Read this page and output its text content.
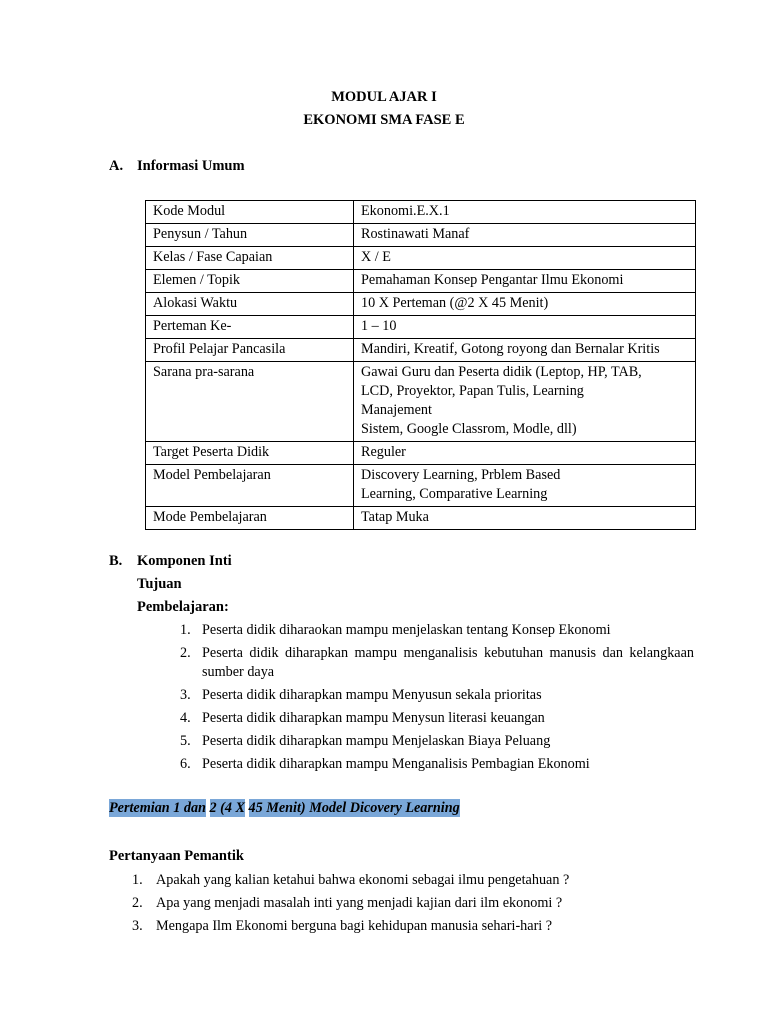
MODUL AJAR I
EKONOMI SMA FASE E
A. Informasi Umum
Kode Modul	Ekonomi.E.X.1

Penysun / Tahun	Rostinawati Manaf

Kelas / Fase Capaian	X / E

Elemen / Topik	Pemahaman Konsep Pengantar Ilmu Ekonomi

Alokasi Waktu	10 X Perteman (@2 X 45 Menit)

Perteman Ke-	1 – 10

Profil Pelajar Pancasila	Mandiri, Kreatif, Gotong royong dan Bernalar Kritis

Sarana pra-sarana	Gawai Guru dan Peserta didik (Leptop, HP, TAB,
LCD, Proyektor, Papan Tulis, Learning
Manajement
Sistem, Google Classrom, Modle, dll)

Target Peserta Didik	Reguler

Model Pembelajaran	Discovery Learning, Prblem Based
Learning, Comparative Learning

Mode Pembelajaran	Tatap Muka
B. Komponen Inti
Tujuan
Pembelajaran:
1. Peserta didik diharaokan mampu menjelaskan tentang Konsep Ekonomi
2. Peserta didik diharapkan mampu menganalisis kebutuhan manusis dan kelangkaan sumber daya
3. Peserta didik diharapkan mampu Menyusun sekala prioritas
4. Peserta didik diharapkan mampu Menysun literasi keuangan
5. Peserta didik diharapkan mampu Menjelaskan Biaya Peluang
6. Peserta didik diharapkan mampu Menganalisis Pembagian Ekonomi
Pertemian 1 dan 2 (4 X 45 Menit) Model Dicovery Learning
Pertanyaan Pemantik
1. Apakah yang kalian ketahui bahwa ekonomi sebagai ilmu pengetahuan ?
2. Apa yang menjadi masalah inti yang menjadi kajian dari ilm ekonomi ?
3. Mengapa Ilm Ekonomi berguna bagi kehidupan manusia sehari-hari ?
